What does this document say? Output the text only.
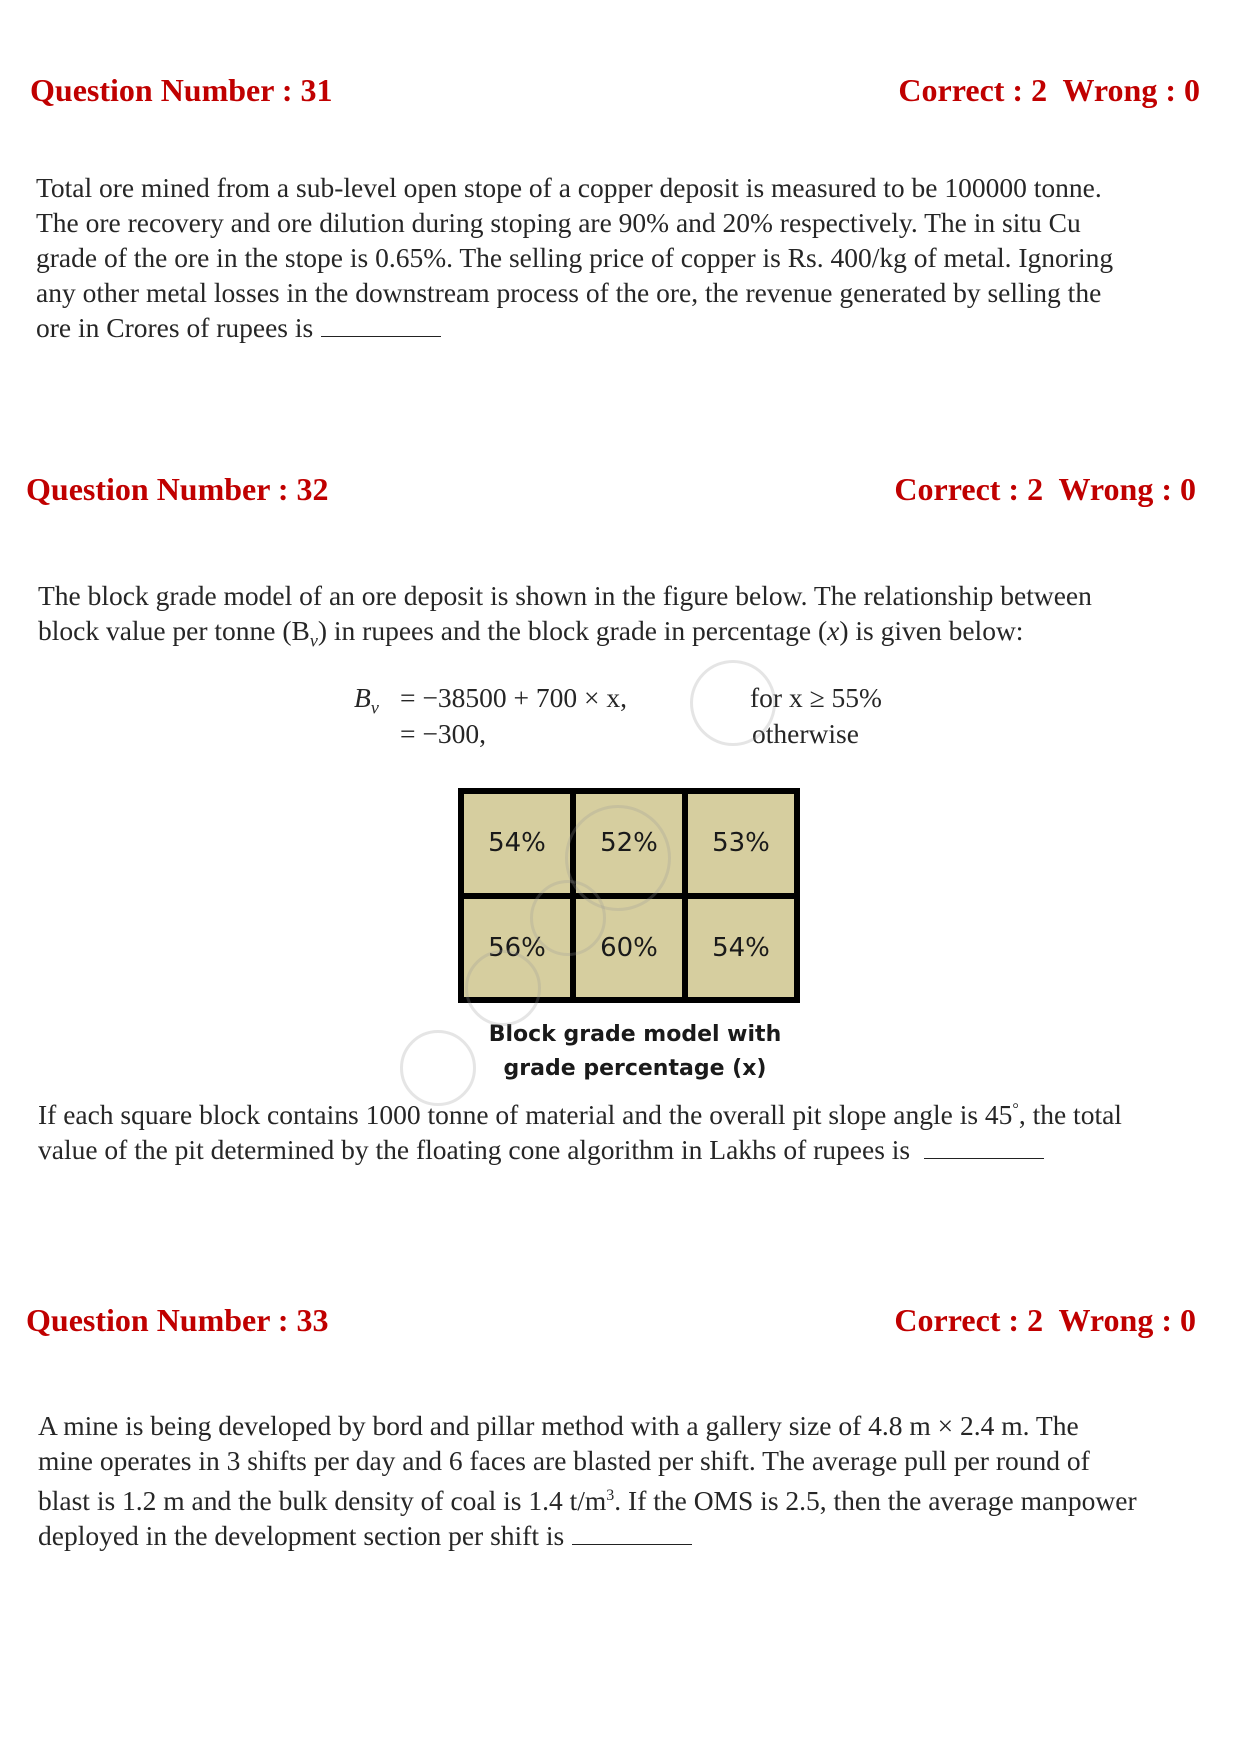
Question Number : 31	Correct : 2 Wrong : 0
Total ore mined from a sub-level open stope of a copper deposit is measured to be 100000 tonne.
The ore recovery and ore dilution during stoping are 90% and 20% respectively. The in situ Cu
grade of the ore in the stope is 0.65%. The selling price of copper is Rs. 400/kg of metal. Ignoring
any other metal losses in the downstream process of the ore, the revenue generated by selling the
ore in Crores of rupees is
Question Number : 32	Correct : 2 Wrong : 0
The block grade model of an ore deposit is shown in the figure below. The relationship between
block value per tonne $(B_v)$ in rupees and the block grade in percentage (x) is given below:
$B_v = -38500 + 700 \times x$,	for x ≥ 55%
= −300,	otherwise
54%	52%	53%
56%	60%	54%
Block grade model with
grade percentage (x)
If each square block contains 1000 tonne of material and the overall pit slope angle is 45°, the total
value of the pit determined by the floating cone algorithm in Lakhs of rupees is
Question Number : 33	Correct : 2 Wrong : 0
A mine is being developed by bord and pillar method with a gallery size of 4.8 m × 2.4 m. The
mine operates in 3 shifts per day and 6 faces are blasted per shift. The average pull per round of
blast is 1.2 m and the bulk density of coal is 1.4 $t/m^3$. If the OMS is 2.5, then the average manpower
deployed in the development section per shift is
